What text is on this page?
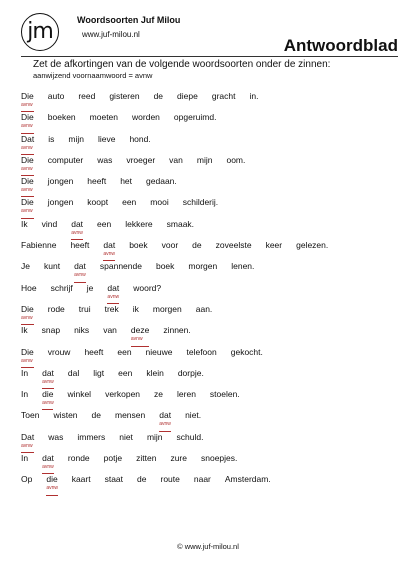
jm	Woordsoorten Juf Milou
www.juf-milou.nl
Antwoordblad
Zet de afkortingen van de volgende woordsoorten onder de zinnen:
aanwijzend voornaamwoord = avnw
Die
avnw
auto reed gisteren de diepe gracht in.
Die
avnw
boeken moeten worden opgeruimd.
Dat
avnw
is mijn lieve hond.
Die
avnw
computer was vroeger van mijn oom.
Die
avnw
jongen heeft het gedaan.
Die
avnw
jongen koopt een mooi schilderij.
Ik vind dat
avnw
een lekkere smaak.
Fabienne heeft dat
avnw
boek voor de zoveelste keer gelezen.
Je kunt dat
avnw
spannende boek morgen lenen.
Hoe schrijf je dat
avnw
woord?
Die
avnw
rode trui trek ik morgen aan.
Ik snap niks van deze
avnw
zinnen.
Die
avnw
vrouw heeft een nieuwe telefoon gekocht.
In dat
avnw
dal ligt een klein dorpje.
In die
avnw
winkel verkopen ze leren stoelen.
Toen wisten de mensen dat
avnw
niet.
Dat
avnw
was immers niet mijn schuld.
In dat
avnw
ronde potje zitten zure snoepjes.
Op die
avnw
kaart staat de route naar Amsterdam.
© www.juf-milou.nl
